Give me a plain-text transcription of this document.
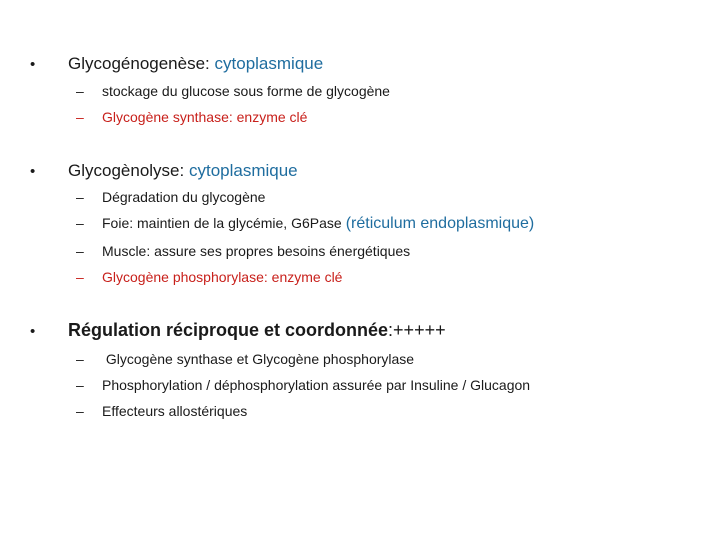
•	Glycogénogenèse:
cytoplasmique
–	stockage du glucose sous forme de glycogène
–	Glycogène synthase: enzyme clé
•	Glycogènolyse:
cytoplasmique
–	Dégradation du glycogène
–	Foie: maintien de la glycémie, G6Pase (réticulum endoplasmique)
–	Muscle: assure ses propres besoins énergétiques
–	Glycogène phosphorylase: enzyme clé
•	Régulation réciproque et coordonnée :+++++
–	Glycogène synthase et Glycogène phosphorylase
–	Phosphorylation / déphosphorylation assurée par Insuline / Glucagon
–	Effecteurs allostériques
